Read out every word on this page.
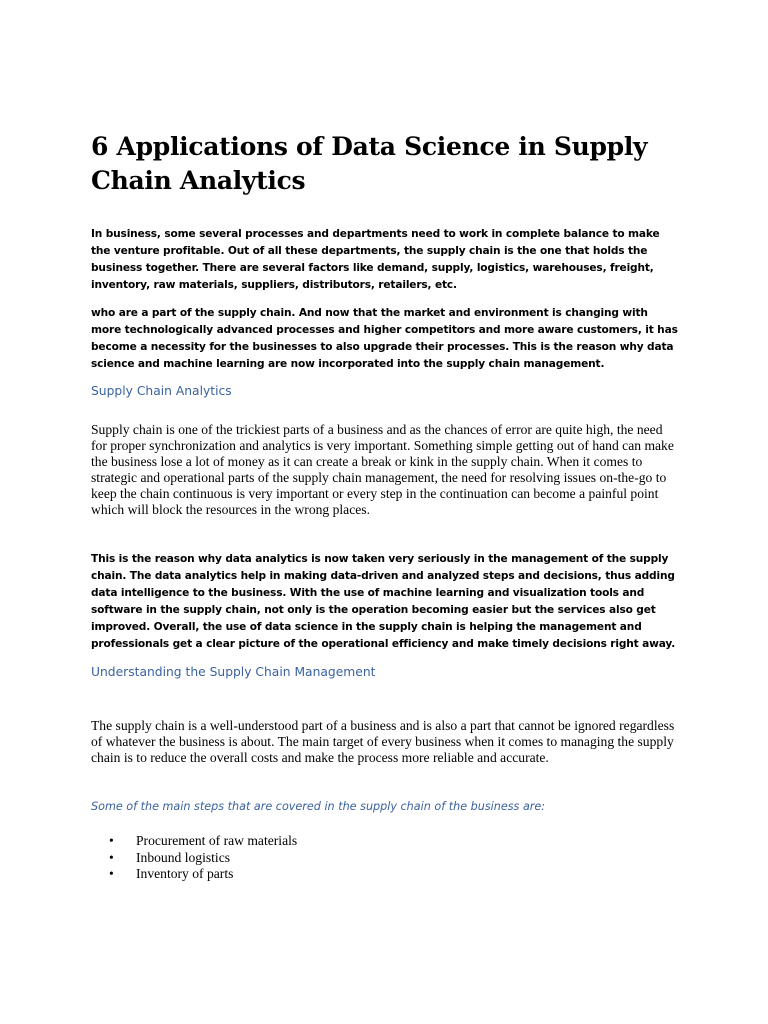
6 Applications of Data Science in Supply Chain Analytics

In business, some several processes and departments need to work in complete balance to make the venture profitable. Out of all these departments, the supply chain is the one that holds the business together. There are several factors like demand, supply, logistics, warehouses, freight, inventory, raw materials, suppliers, distributors, retailers, etc.

who are a part of the supply chain. And now that the market and environment is changing with more technologically advanced processes and higher competitors and more aware customers, it has become a necessity for the businesses to also upgrade their processes. This is the reason why data science and machine learning are now incorporated into the supply chain management.

Supply Chain Analytics

Supply chain is one of the trickiest parts of a business and as the chances of error are quite high, the need for proper synchronization and analytics is very important. Something simple getting out of hand can make the business lose a lot of money as it can create a break or kink in the supply chain. When it comes to strategic and operational parts of the supply chain management, the need for resolving issues on-the-go to keep the chain continuous is very important or every step in the continuation can become a painful point which will block the resources in the wrong places.

This is the reason why data analytics is now taken very seriously in the management of the supply chain. The data analytics help in making data-driven and analyzed steps and decisions, thus adding data intelligence to the business. With the use of machine learning and visualization tools and software in the supply chain, not only is the operation becoming easier but the services also get improved. Overall, the use of data science in the supply chain is helping the management and professionals get a clear picture of the operational efficiency and make timely decisions right away.

Understanding the Supply Chain Management

The supply chain is a well-understood part of a business and is also a part that cannot be ignored regardless of whatever the business is about. The main target of every business when it comes to managing the supply chain is to reduce the overall costs and make the process more reliable and accurate.

Some of the main steps that are covered in the supply chain of the business are:

• Procurement of raw materials
• Inbound logistics
• Inventory of parts
